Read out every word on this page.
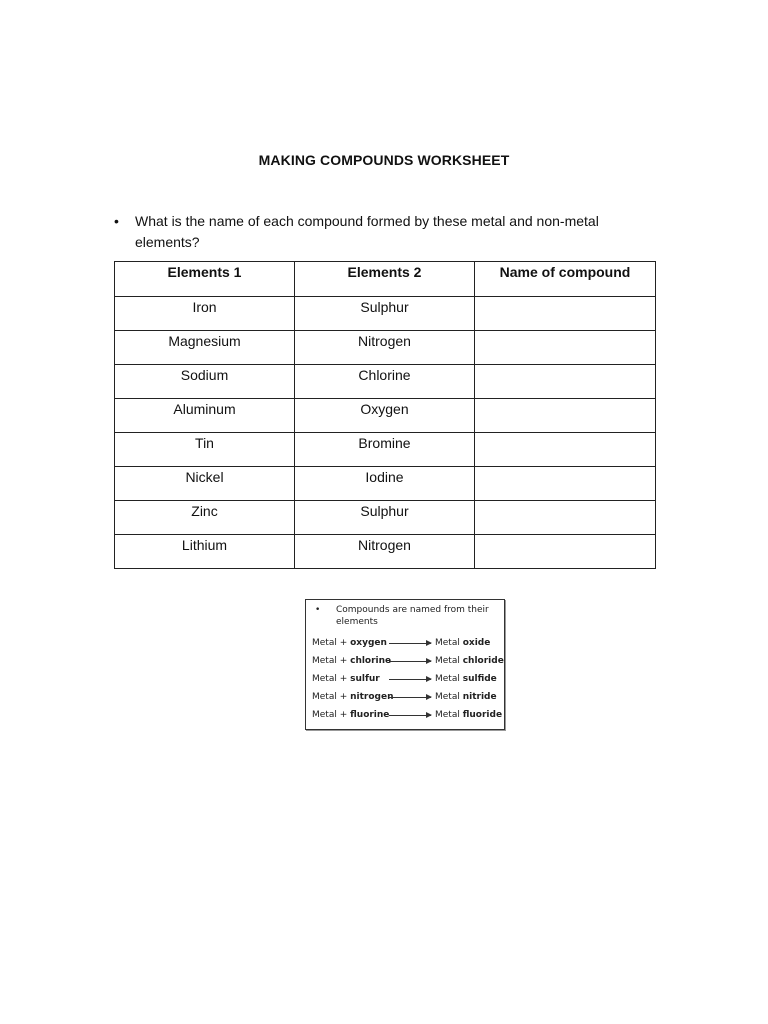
MAKING COMPOUNDS WORKSHEET
• What is the name of each compound formed by these metal and non-metal elements?
Elements 1	Elements 2	Name of compound
Iron	Sulphur	
Magnesium	Nitrogen	
Sodium	Chlorine	
Aluminum	Oxygen	
Tin	Bromine	
Nickel	Iodine	
Zinc	Sulphur	
Lithium	Nitrogen	
• Compounds are named from their elements
Metal + oxygen	Metal oxide
Metal + chlorine	Metal chloride
Metal + sulfur	Metal sulfide
Metal + nitrogen	Metal nitride
Metal + fluorine	Metal fluoride
